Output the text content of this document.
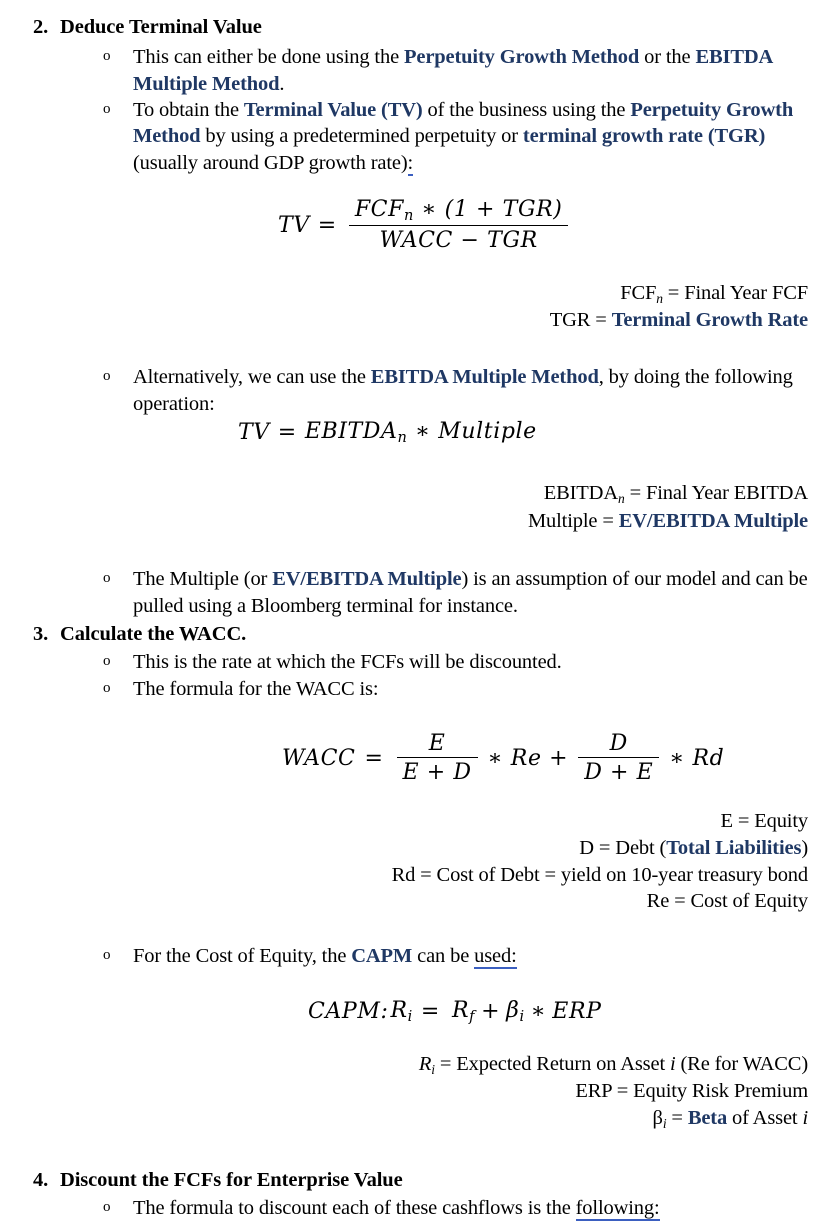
2. Deduce Terminal Value
o	This can either be done using the Perpetuity Growth Method or the EBITDA Multiple Method.
o	To obtain the Terminal Value (TV) of the business using the Perpetuity Growth Method by using a predetermined perpetuity or terminal growth rate (TGR) (usually around GDP growth rate):
TV = $\frac{FCF_n ∗ (1 + TGR)}{\text{WACC − TGR}}$
$FCF_n$ = Final Year FCF
TGR = Terminal Growth Rate
o	Alternatively, we can use the EBITDA Multiple Method, by doing the following operation:
TV = $EBITDA_n$ ∗ Multiple
$EBITDA_n$ = Final Year EBITDA
Multiple = EV/EBITDA Multiple
o	The Multiple (or EV/EBITDA Multiple) is an assumption of our model and can be pulled using a Bloomberg terminal for instance.
3. Calculate the WACC.
o	This is the rate at which the FCFs will be discounted.
o	The formula for the WACC is:
WACC = $\frac{E}{E + D}$ ∗ $Re + \frac{D}{D + E}$ ∗ Rd
E = Equity
D = Debt (Total Liabilities)
Rd = Cost of Debt = yield on 10-year treasury bond
Re = Cost of Equity
o	For the Cost of Equity, the CAPM can be used:
CAPM: $R_i = R_f + \beta_i$ ∗ ERP
$R_i$ = Expected Return on Asset i (Re for WACC)
ERP = Equity Risk Premium
$\beta_i$ = Beta of Asset i
4. Discount the FCFs for Enterprise Value
o	The formula to discount each of these cashflows is the following:
